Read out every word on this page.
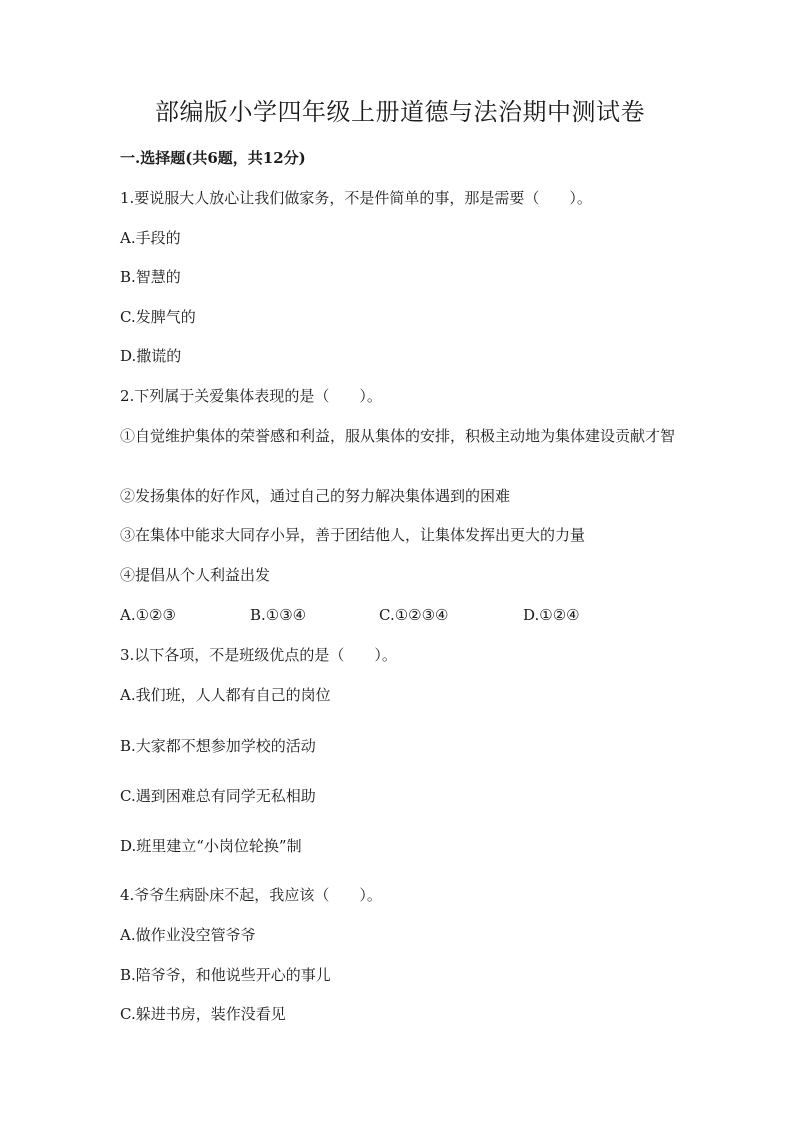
部编版小学四年级上册道德与法治期中测试卷
一.选择题(共6题，共12分)
1.要说服大人放心让我们做家务，不是件简单的事，那是需要（　　）。
A.手段的
B.智慧的
C.发脾气的
D.撒谎的
2.下列属于关爱集体表现的是（　　）。
①自觉维护集体的荣誉感和利益，服从集体的安排，积极主动地为集体建设贡献才智
②发扬集体的好作风，通过自己的努力解决集体遇到的困难
③在集体中能求大同存小异，善于团结他人，让集体发挥出更大的力量
④提倡从个人利益出发
A.①②③	B.①③④	C.①②③④	D.①②④
3.以下各项，不是班级优点的是（　　）。
A.我们班，人人都有自己的岗位
B.大家都不想参加学校的活动
C.遇到困难总有同学无私相助
D.班里建立“小岗位轮换”制
4.爷爷生病卧床不起，我应该（　　）。
A.做作业没空管爷爷
B.陪爷爷，和他说些开心的事儿
C.躲进书房，装作没看见
